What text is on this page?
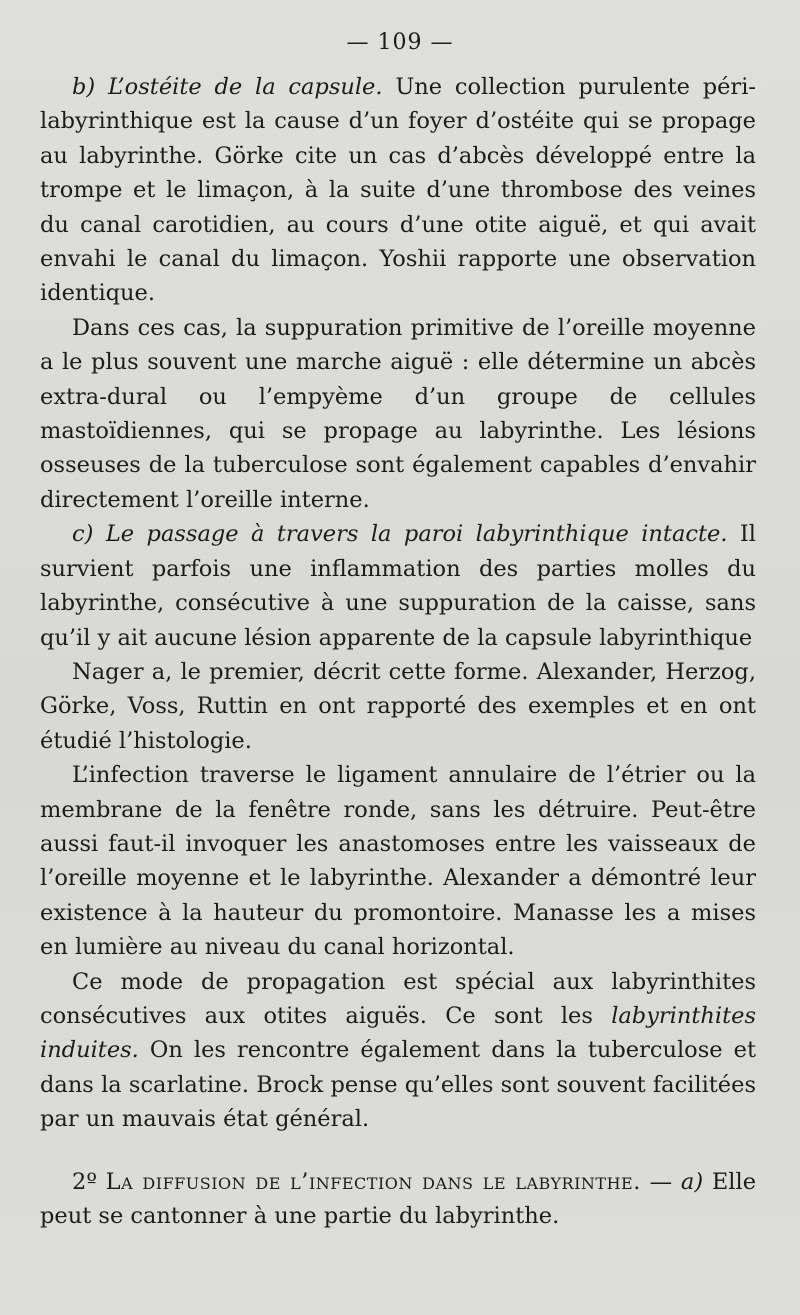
— 109 —

b) L’ostéite de la capsule. Une collection purulente péri-labyrinthique est la cause d’un foyer d’ostéite qui se propage au labyrinthe. Görke cite un cas d’abcès développé entre la trompe et le limaçon, à la suite d’une thrombose des veines du canal carotidien, au cours d’une otite aiguë, et qui avait envahi le canal du limaçon. Yoshii rapporte une observation identique.

Dans ces cas, la suppuration primitive de l’oreille moyenne a le plus souvent une marche aiguë : elle détermine un abcès extra-dural ou l’empyème d’un groupe de cellules mastoïdiennes, qui se propage au labyrinthe. Les lésions osseuses de la tuberculose sont également capables d’envahir directement l’oreille interne.

c) Le passage à travers la paroi labyrinthique intacte. Il survient parfois une inflammation des parties molles du labyrinthe, consécutive à une suppuration de la caisse, sans qu’il y ait aucune lésion apparente de la capsule labyrinthique

Nager a, le premier, décrit cette forme. Alexander, Herzog, Görke, Voss, Ruttin en ont rapporté des exemples et en ont étudié l’histologie.

L’infection traverse le ligament annulaire de l’étrier ou la membrane de la fenêtre ronde, sans les détruire. Peut-être aussi faut-il invoquer les anastomoses entre les vaisseaux de l’oreille moyenne et le labyrinthe. Alexander a démontré leur existence à la hauteur du promontoire. Manasse les a mises en lumière au niveau du canal horizontal.

Ce mode de propagation est spécial aux labyrinthites consécutives aux otites aiguës. Ce sont les labyrinthites induites. On les rencontre également dans la tuberculose et dans la scarlatine. Brock pense qu’elles sont souvent facilitées par un mauvais état général.

2º La diffusion de l’infection dans le labyrinthe. — a) Elle peut se cantonner à une partie du labyrinthe.
